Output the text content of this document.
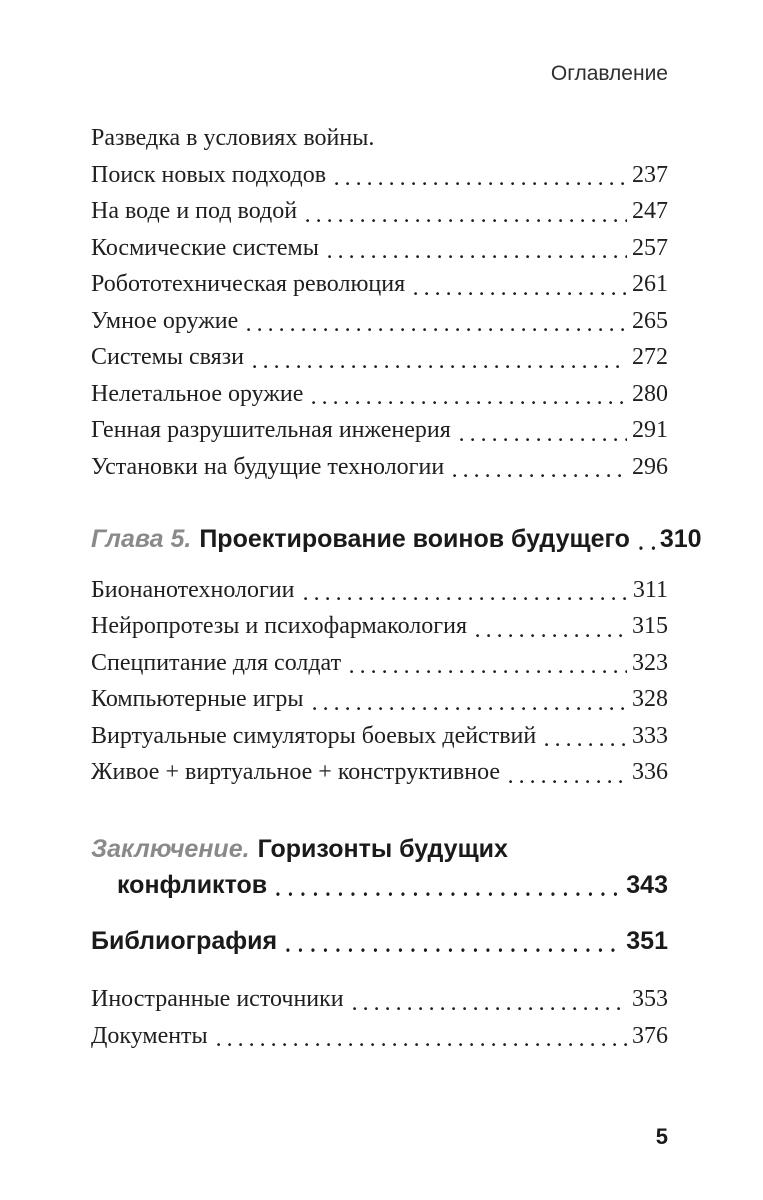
Оглавление
Разведка в условиях войны.
Поиск новых подходов	237
На воде и под водой	247
Космические системы	257
Робототехническая революция	261
Умное оружие	265
Системы связи	272
Нелетальное оружие	280
Генная разрушительная инженерия	291
Установки на будущие технологии	296
Глава 5. Проектирование воинов будущего 310
Бионанотехнологии	311
Нейропротезы и психофармакология	315
Спецпитание для солдат	323
Компьютерные игры	328
Виртуальные симуляторы боевых действий	333
Живое + виртуальное + конструктивное	336
Заключение. Горизонты будущих
конфликтов	343
Библиография	351
Иностранные источники	353
Документы	376
5
